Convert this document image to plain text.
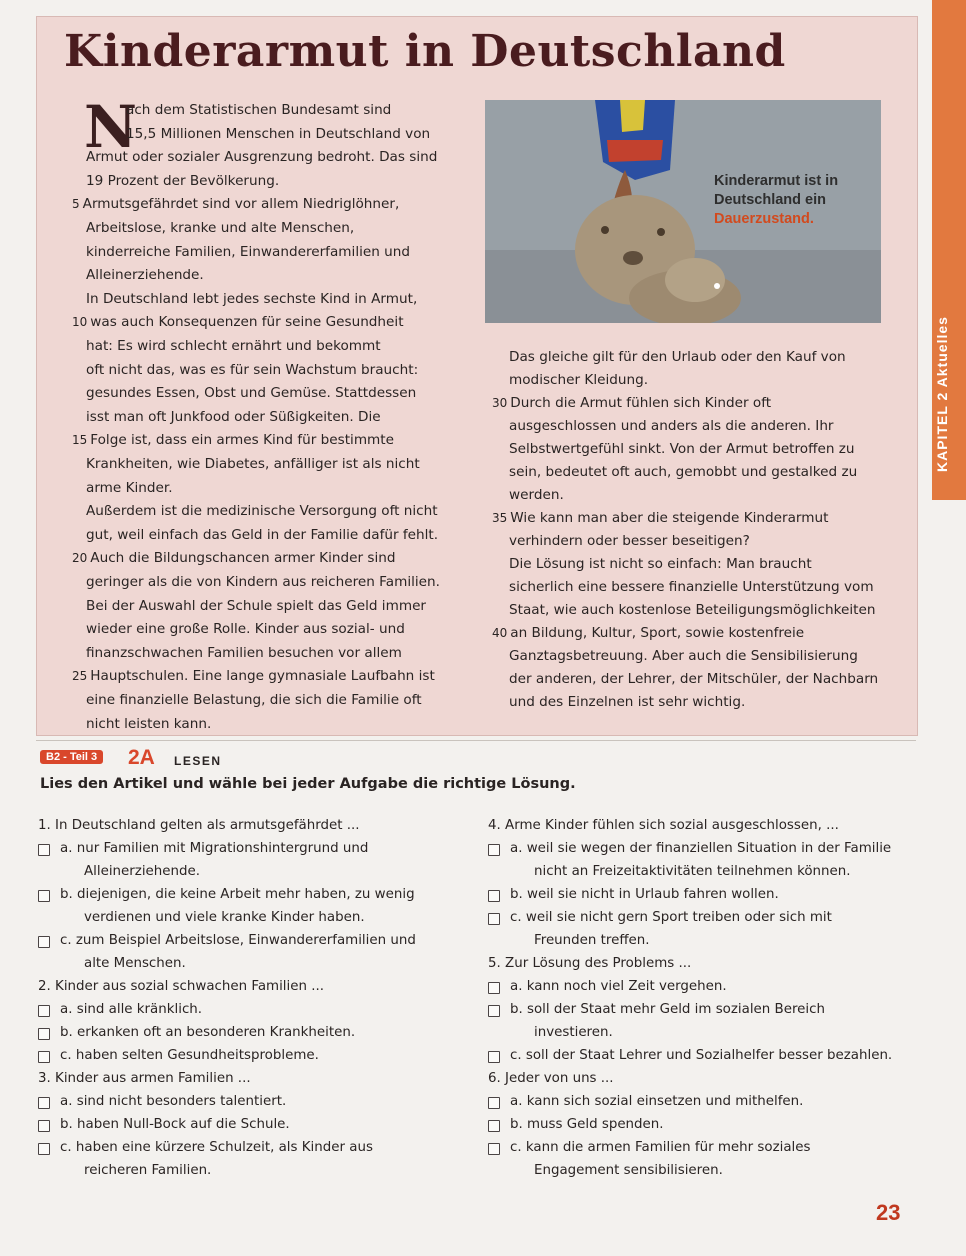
KAPITEL 2 Aktuelles
Kinderarmut in Deutschland
N
ach dem Statistischen Bundesamt sind
15,5 Millionen Menschen in Deutschland von
Armut oder sozialer Ausgrenzung bedroht. Das sind
19 Prozent der Bevölkerung.
5 Armutsgefährdet sind vor allem Niedriglöhner,
Arbeitslose, kranke und alte Menschen,
kinderreiche Familien, Einwandererfamilien und
Alleinerziehende.
In Deutschland lebt jedes sechste Kind in Armut,
10 was auch Konsequenzen für seine Gesundheit
hat: Es wird schlecht ernährt und bekommt
oft nicht das, was es für sein Wachstum braucht:
gesundes Essen, Obst und Gemüse. Stattdessen
isst man oft Junkfood oder Süßigkeiten. Die
15 Folge ist, dass ein armes Kind für bestimmte
Krankheiten, wie Diabetes, anfälliger ist als nicht
arme Kinder.
Außerdem ist die medizinische Versorgung oft nicht
gut, weil einfach das Geld in der Familie dafür fehlt.
20 Auch die Bildungschancen armer Kinder sind
geringer als die von Kindern aus reicheren Familien.
Bei der Auswahl der Schule spielt das Geld immer
wieder eine große Rolle. Kinder aus sozial- und
finanzschwachen Familien besuchen vor allem
25 Hauptschulen. Eine lange gymnasiale Laufbahn ist
eine finanzielle Belastung, die sich die Familie oft
nicht leisten kann.
Das gleiche gilt für den Urlaub oder den Kauf von
modischer Kleidung.
30 Durch die Armut fühlen sich Kinder oft
ausgeschlossen und anders als die anderen. Ihr
Selbstwertgefühl sinkt. Von der Armut betroffen zu
sein, bedeutet oft auch, gemobbt und gestalked zu
werden.
35 Wie kann man aber die steigende Kinderarmut
verhindern oder besser beseitigen?
Die Lösung ist nicht so einfach: Man braucht
sicherlich eine bessere finanzielle Unterstützung vom
Staat, wie auch kostenlose Beteiligungsmöglichkeiten
40 an Bildung, Kultur, Sport, sowie kostenfreie
Ganztagsbetreuung. Aber auch die Sensibilisierung
der anderen, der Lehrer, der Mitschüler, der Nachbarn
und des Einzelnen ist sehr wichtig.
Kinderarmut ist in
Deutschland ein
Dauerzustand.
B2 - Teil 3 2A LESEN
Lies den Artikel und wähle bei jeder Aufgabe die richtige Lösung.
1. In Deutschland gelten als armutsgefährdet ...
a. nur Familien mit Migrationshintergrund und
Alleinerziehende.
b. diejenigen, die keine Arbeit mehr haben, zu wenig
verdienen und viele kranke Kinder haben.
c. zum Beispiel Arbeitslose, Einwandererfamilien und
alte Menschen.
2. Kinder aus sozial schwachen Familien ...
a. sind alle kränklich.
b. erkanken oft an besonderen Krankheiten.
c. haben selten Gesundheitsprobleme.
3. Kinder aus armen Familien ...
a. sind nicht besonders talentiert.
b. haben Null-Bock auf die Schule.
c. haben eine kürzere Schulzeit, als Kinder aus
reicheren Familien.
4. Arme Kinder fühlen sich sozial ausgeschlossen, ...
a. weil sie wegen der finanziellen Situation in der Familie
nicht an Freizeitaktivitäten teilnehmen können.
b. weil sie nicht in Urlaub fahren wollen.
c. weil sie nicht gern Sport treiben oder sich mit
Freunden treffen.
5. Zur Lösung des Problems ...
a. kann noch viel Zeit vergehen.
b. soll der Staat mehr Geld im sozialen Bereich
investieren.
c. soll der Staat Lehrer und Sozialhelfer besser bezahlen.
6. Jeder von uns ...
a. kann sich sozial einsetzen und mithelfen.
b. muss Geld spenden.
c. kann die armen Familien für mehr soziales
Engagement sensibilisieren.
23
